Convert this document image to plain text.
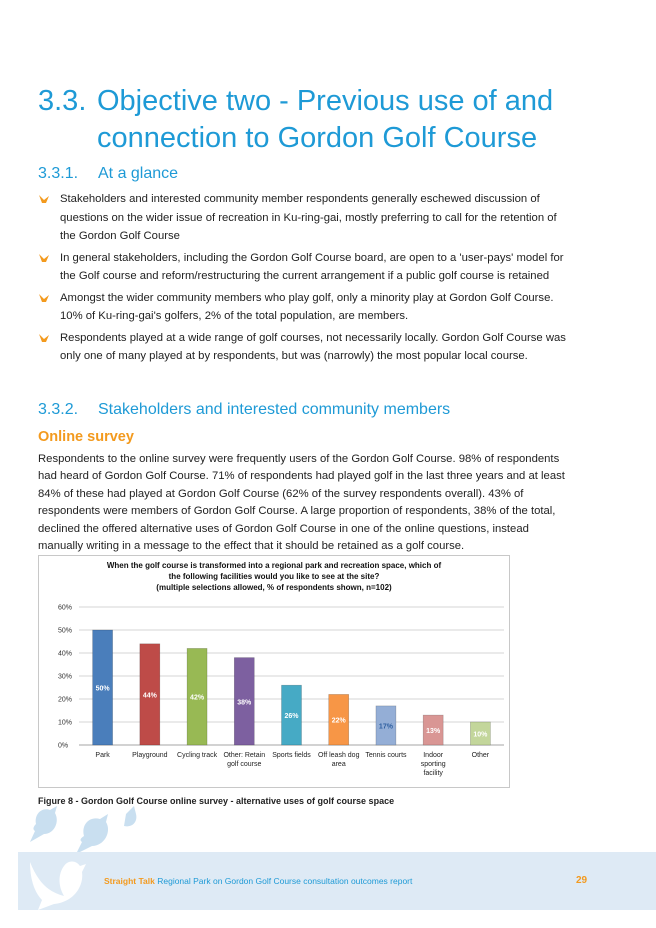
3.3. Objective two - Previous use of and
connection to Gordon Golf Course
3.3.1. At a glance
Stakeholders and interested community member respondents generally eschewed discussion of
questions on the wider issue of recreation in Ku-ring-gai, mostly preferring to call for the retention of
the Gordon Golf Course
In general stakeholders, including the Gordon Golf Course board, are open to a 'user-pays' model for
the Golf course and reform/restructuring the current arrangement if a public golf course is retained
Amongst the wider community members who play golf, only a minority play at Gordon Golf Course.
10% of Ku-ring-gai's golfers, 2% of the total population, are members.
Respondents played at a wide range of golf courses, not necessarily locally. Gordon Golf Course was
only one of many played at by respondents, but was (narrowly) the most popular local course.
3.3.2. Stakeholders and interested community members
Online survey
Respondents to the online survey were frequently users of the Gordon Golf Course. 98% of respondents
had heard of Gordon Golf Course. 71% of respondents had played golf in the last three years and at least
84% of these had played at Gordon Golf Course (62% of the survey respondents overall). 43% of
respondents were members of Gordon Golf Course. A large proportion of respondents, 38% of the total,
declined the offered alternative uses of Gordon Golf Course in one of the online questions, instead
manually writing in a message to the effect that it should be retained as a golf course.
When the golf course is transformed into a regional park and recreation space, which of
the following facilities would you like to see at the site?
(multiple selections allowed, % of respondents shown, n=102)
0%
10%
20%
30%
40%
50%
60%
50%
44%	42%
38%
26%
22%
17%
13%	10%
Park	Playground Cycling track Other: Retain
golf course
Sports fields Off leash dog
area
Tennis courts Indoor
sporting
facility
Other
Figure 8 - Gordon Golf Course online survey - alternative uses of golf course space
Straight Talk Regional Park on Gordon Golf Course consultation outcomes report	29
